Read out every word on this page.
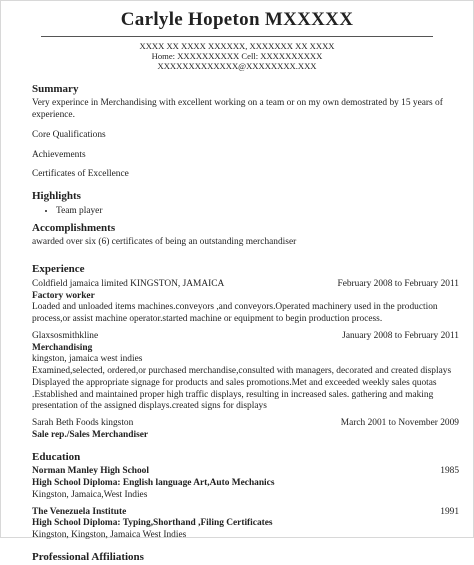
Carlyle Hopeton MXXXXX
XXXX XX XXXX XXXXXX, XXXXXXX XX XXXX
Home: XXXXXXXXXX Cell: XXXXXXXXXX
XXXXXXXXXXXXX@XXXXXXXX.XXX
Summary

Very experince in Merchandising with excellent working on a team or on my own demostrated by 15 years of experience.

Core Qualifications

Achievements

Certificates of Excellence

Highlights
• Team player
Accomplishments

awarded over six (6) certificates of being an outstanding merchandiser

Experience
Coldfield jamaica limited KINGSTON, JAMAICA	February 2008 to February 2011
Factory worker

Loaded and unloaded items machines.conveyors ,and conveyors.Operated machinery used in the production process,or assist machine operator.started machine or equipment to begin production process.

Glaxsosmithkline	January 2008 to February 2011
Merchandising
kingston, jamaica west indies

Examined,selected, ordered,or purchased merchandise,consulted with managers, decorated and created displays Displayed the appropriate signage for products and sales promotions.Met and exceeded weekly sales quotas .Established and maintained proper high traffic displays, resulting in increased sales. gathering and making presentation of the assigned displays.created signs for displays

Sarah Beth Foods kingston	March 2001 to November 2009
Sale rep./Sales Merchandiser
Education
Norman Manley High School	1985
High School Diploma: English language Art,Auto Mechanics
Kingston, Jamaica,West Indies
The Venezuela Institute	1991
High School Diploma: Typing,Shorthand ,Filing Certificates
Kingston, Kingston, Jamaica West Indies
Professional Affiliations
